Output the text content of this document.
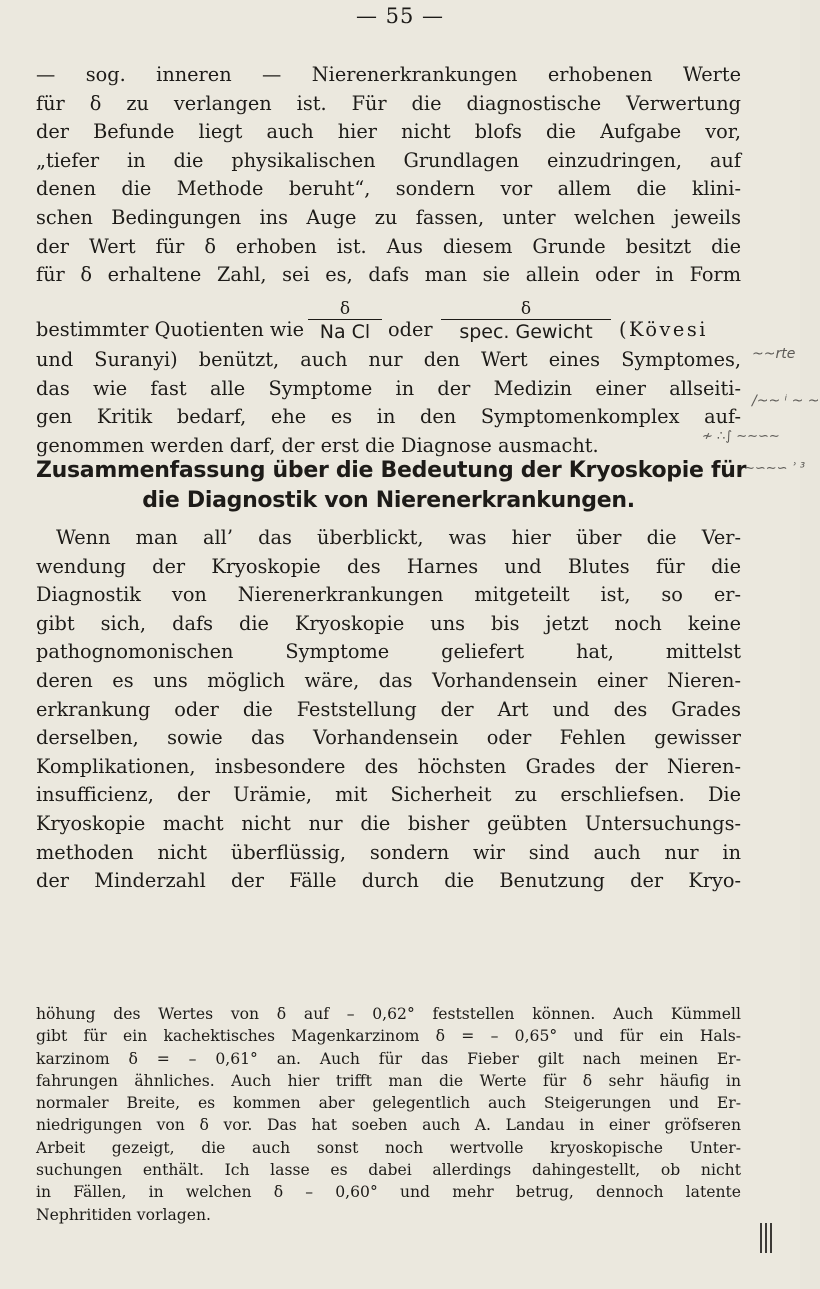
— 55 —
— sog. inneren — Nierenerkrankungen erhobenen Werte
für δ zu verlangen ist. Für die diagnostische Verwertung
der Befunde liegt auch hier nicht blofs die Aufgabe vor,
„tiefer in die physikalischen Grundlagen einzudringen, auf
denen die Methode beruht“, sondern vor allem die klini-
schen Bedingungen ins Auge zu fassen, unter welchen jeweils
der Wert für δ erhoben ist. Aus diesem Grunde besitzt die
für δ erhaltene Zahl, sei es, dafs man sie allein oder in Form
bestimmter Quotienten wie $\frac{\delta}{\text{Na Cl}}$ oder
δ
spec. Gewicht	(Kövesi
und Suranyi) benützt, auch nur den Wert eines Symptomes,
das wie fast alle Symptome in der Medizin einer allseiti-
gen Kritik bedarf, ehe es in den Symptomenkomplex auf-
genommen werden darf, der erst die Diagnose ausmacht.
Zusammenfassung über die Bedeutung der Kryoskopie für
die Diagnostik von Nierenerkrankungen.
Wenn man all’ das überblickt, was hier über die Ver-
wendung der Kryoskopie des Harnes und Blutes für die
Diagnostik von Nierenerkrankungen mitgeteilt ist, so er-
gibt sich, dafs die Kryoskopie uns bis jetzt noch keine
pathognomonischen Symptome geliefert hat, mittelst
deren es uns möglich wäre, das Vorhandensein einer Nieren-
erkrankung oder die Feststellung der Art und des Grades
derselben, sowie das Vorhandensein oder Fehlen gewisser
Komplikationen, insbesondere des höchsten Grades der Nieren-
insufficienz, der Urämie, mit Sicherheit zu erschliefsen. Die
Kryoskopie macht nicht nur die bisher geübten Untersuchungs-
methoden nicht überflüssig, sondern wir sind auch nur in
der Minderzahl der Fälle durch die Benutzung der Kryo-
höhung des Wertes von δ auf – 0,62° feststellen können. Auch Kümmell
gibt für ein kachektisches Magenkarzinom δ = – 0,65° und für ein Hals-
karzinom δ = – 0,61° an. Auch für das Fieber gilt nach meinen Er-
fahrungen ähnliches. Auch hier trifft man die Werte für δ sehr häufig in
normaler Breite, es kommen aber gelegentlich auch Steigerungen und Er-
niedrigungen von δ vor. Das hat soeben auch A. Landau in einer gröfseren
Arbeit gezeigt, die auch sonst noch wertvolle kryoskopische Unter-
suchungen enthält. Ich lasse es dabei allerdings dahingestellt, ob nicht
in Fällen, in welchen δ – 0,60° und mehr betrug, dennoch latente
Nephritiden vorlagen.
~~rte
/~~ ⁱ ~ ~
≁ ∴∫ ∼∼∽∼
∼∽∼∽ ʾ ³
